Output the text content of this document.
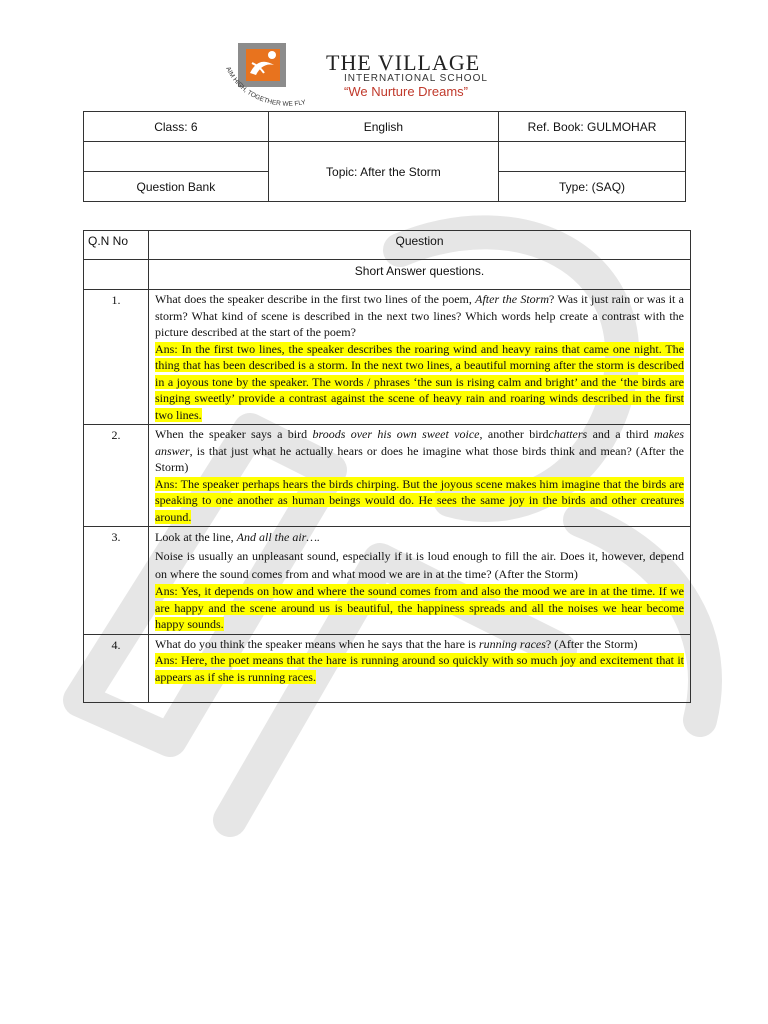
AIM HIGH, TOGETHER WE FLY
THE VILLAGE
INTERNATIONAL SCHOOL
“We Nurture Dreams”
Class: 6	English	Ref. Book: GULMOHAR
	Topic: After the Storm	
Question Bank		Type: (SAQ)
Q.N No	Question
	Short Answer questions.
1.	What does the speaker describe in the first two lines of the poem, After the Storm? Was it just rain or was it a storm? What kind of scene is described in the next two lines? Which words help create a contrast with the picture described at the start of the poem?

Ans: In the first two lines, the speaker describes the roaring wind and heavy rains that came one night. The thing that has been described is a storm. In the next two lines, a beautiful morning after the storm is described in a joyous tone by the speaker. The words / phrases ‘the sun is rising calm and bright’ and the ‘the birds are singing sweetly’ provide a contrast against the scene of heavy rain and roaring winds described in the first two lines.

2.	When the speaker says a bird broods over his own sweet voice, another birdchatters and a third makes answer, is that just what he actually hears or does he imagine what those birds think and mean? (After the Storm)

Ans: The speaker perhaps hears the birds chirping. But the joyous scene makes him imagine that the birds are speaking to one another as human beings would do. He sees the same joy in the birds and other creatures around.

3.	Look at the line, And all the air….

Noise is usually an unpleasant sound, especially if it is loud enough to fill the air. Does it, however, depend on where the sound comes from and what mood we are in at the time? (After the Storm)

Ans: Yes, it depends on how and where the sound comes from and also the mood we are in at the time. If we are happy and the scene around us is beautiful, the happiness spreads and all the noises we hear become happy sounds.

4.	What do you think the speaker means when he says that the hare is running races? (After the Storm)

Ans: Here, the poet means that the hare is running around so quickly with so much joy and excitement that it appears as if she is running races.
